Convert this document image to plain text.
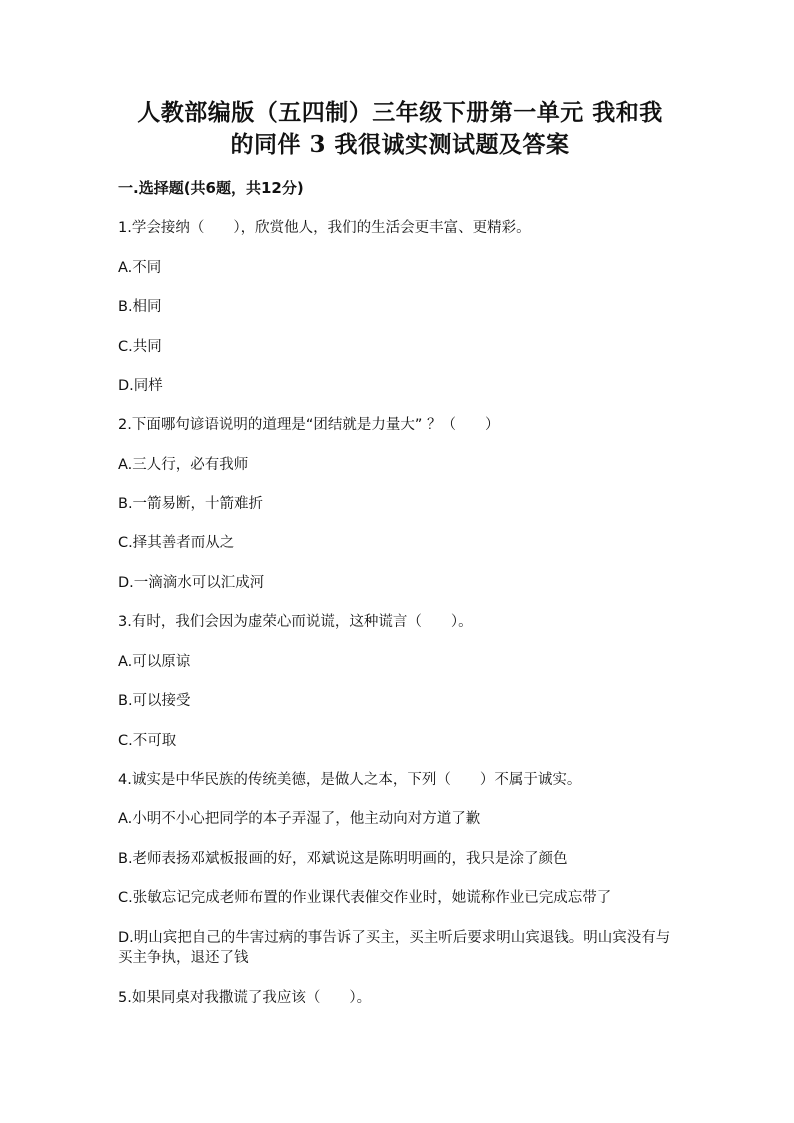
人教部编版（五四制）三年级下册第一单元 我和我
的同伴 3 我很诚实测试题及答案
一.选择题(共6题，共12分)
1.学会接纳（　　），欣赏他人，我们的生活会更丰富、更精彩。
A.不同
B.相同
C.共同
D.同样
2.下面哪句谚语说明的道理是“团结就是力量大” ？（　　）
A.三人行，必有我师
B.一箭易断，十箭难折
C.择其善者而从之
D.一滴滴水可以汇成河
3.有时，我们会因为虚荣心而说谎，这种谎言（　　）。
A.可以原谅
B.可以接受
C.不可取
4.诚实是中华民族的传统美德，是做人之本，下列（　　）不属于诚实。
A.小明不小心把同学的本子弄湿了，他主动向对方道了歉
B.老师表扬邓斌板报画的好，邓斌说这是陈明明画的，我只是涂了颜色
C.张敏忘记完成老师布置的作业课代表催交作业时，她谎称作业已完成忘带了
D.明山宾把自己的牛害过病的事告诉了买主，买主听后要求明山宾退钱。明山宾没有与买主争执，退还了钱
5.如果同桌对我撒谎了我应该（　　）。
